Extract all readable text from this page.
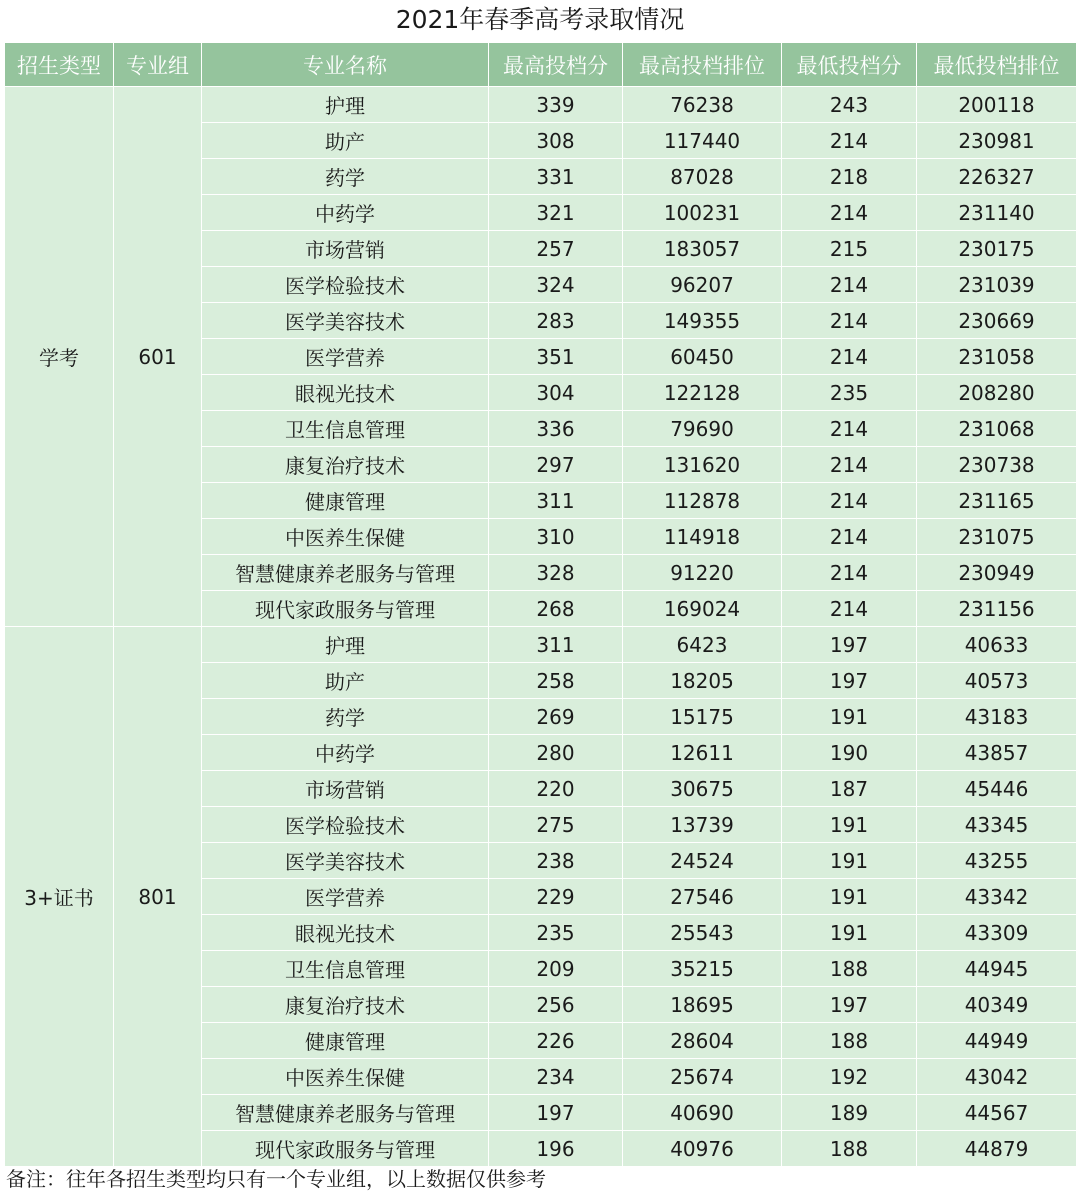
2021年春季高考录取情况
招生类型	专业组	专业名称	最高投档分	最高投档排位	最低投档分	最低投档排位
学考	601	护理	339	76238	243	200118
		助产	308	117440	214	230981
		药学	331	87028	218	226327
		中药学	321	100231	214	231140
		市场营销	257	183057	215	230175
		医学检验技术	324	96207	214	231039
		医学美容技术	283	149355	214	230669
		医学营养	351	60450	214	231058
		眼视光技术	304	122128	235	208280
		卫生信息管理	336	79690	214	231068
		康复治疗技术	297	131620	214	230738
		健康管理	311	112878	214	231165
		中医养生保健	310	114918	214	231075
		智慧健康养老服务与管理	328	91220	214	230949
		现代家政服务与管理	268	169024	214	231156
3+证书	801	护理	311	6423	197	40633
		助产	258	18205	197	40573
		药学	269	15175	191	43183
		中药学	280	12611	190	43857
		市场营销	220	30675	187	45446
		医学检验技术	275	13739	191	43345
		医学美容技术	238	24524	191	43255
		医学营养	229	27546	191	43342
		眼视光技术	235	25543	191	43309
		卫生信息管理	209	35215	188	44945
		康复治疗技术	256	18695	197	40349
		健康管理	226	28604	188	44949
		中医养生保健	234	25674	192	43042
		智慧健康养老服务与管理	197	40690	189	44567
		现代家政服务与管理	196	40976	188	44879
备注：往年各招生类型均只有一个专业组，以上数据仅供参考
